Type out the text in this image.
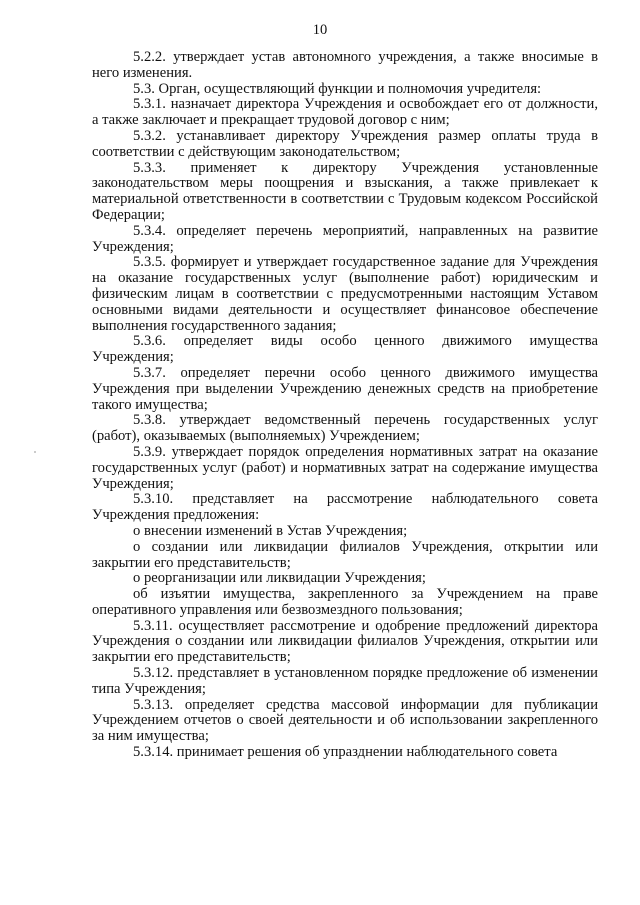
10

5.2.2. утверждает устав автономного учреждения, а также вносимые в него изменения.

5.3. Орган, осуществляющий функции и полномочия учредителя:

5.3.1. назначает директора Учреждения и освобождает его от должности, а также заключает и прекращает трудовой договор с ним;

5.3.2. устанавливает директору Учреждения размер оплаты труда в соответствии с действующим законодательством;

5.3.3. применяет к директору Учреждения установленные законодательством меры поощрения и взыскания, а также привлекает к материальной ответственности в соответствии с Трудовым кодексом Российской Федерации;

5.3.4. определяет перечень мероприятий, направленных на развитие Учреждения;

5.3.5. формирует и утверждает государственное задание для Учреждения на оказание государственных услуг (выполнение работ) юридическим и физическим лицам в соответствии с предусмотренными настоящим Уставом основными видами деятельности и осуществляет финансовое обеспечение выполнения государственного задания;

5.3.6. определяет виды особо ценного движимого имущества Учреждения;

5.3.7. определяет перечни особо ценного движимого имущества Учреждения при выделении Учреждению денежных средств на приобретение такого имущества;

5.3.8. утверждает ведомственный перечень государственных услуг (работ), оказываемых (выполняемых) Учреждением;

5.3.9. утверждает порядок определения нормативных затрат на оказание государственных услуг (работ) и нормативных затрат на содержание имущества Учреждения;

5.3.10. представляет на рассмотрение наблюдательного совета Учреждения предложения:

о внесении изменений в Устав Учреждения;

о создании или ликвидации филиалов Учреждения, открытии или закрытии его представительств;

о реорганизации или ликвидации Учреждения;

об изъятии имущества, закрепленного за Учреждением на праве оперативного управления или безвозмездного пользования;

5.3.11. осуществляет рассмотрение и одобрение предложений директора Учреждения о создании или ликвидации филиалов Учреждения, открытии или закрытии его представительств;

5.3.12. представляет в установленном порядке предложение об изменении типа Учреждения;

5.3.13. определяет средства массовой информации для публикации Учреждением отчетов о своей деятельности и об использовании закрепленного за ним имущества;

5.3.14. принимает решения об упразднении наблюдательного совета
